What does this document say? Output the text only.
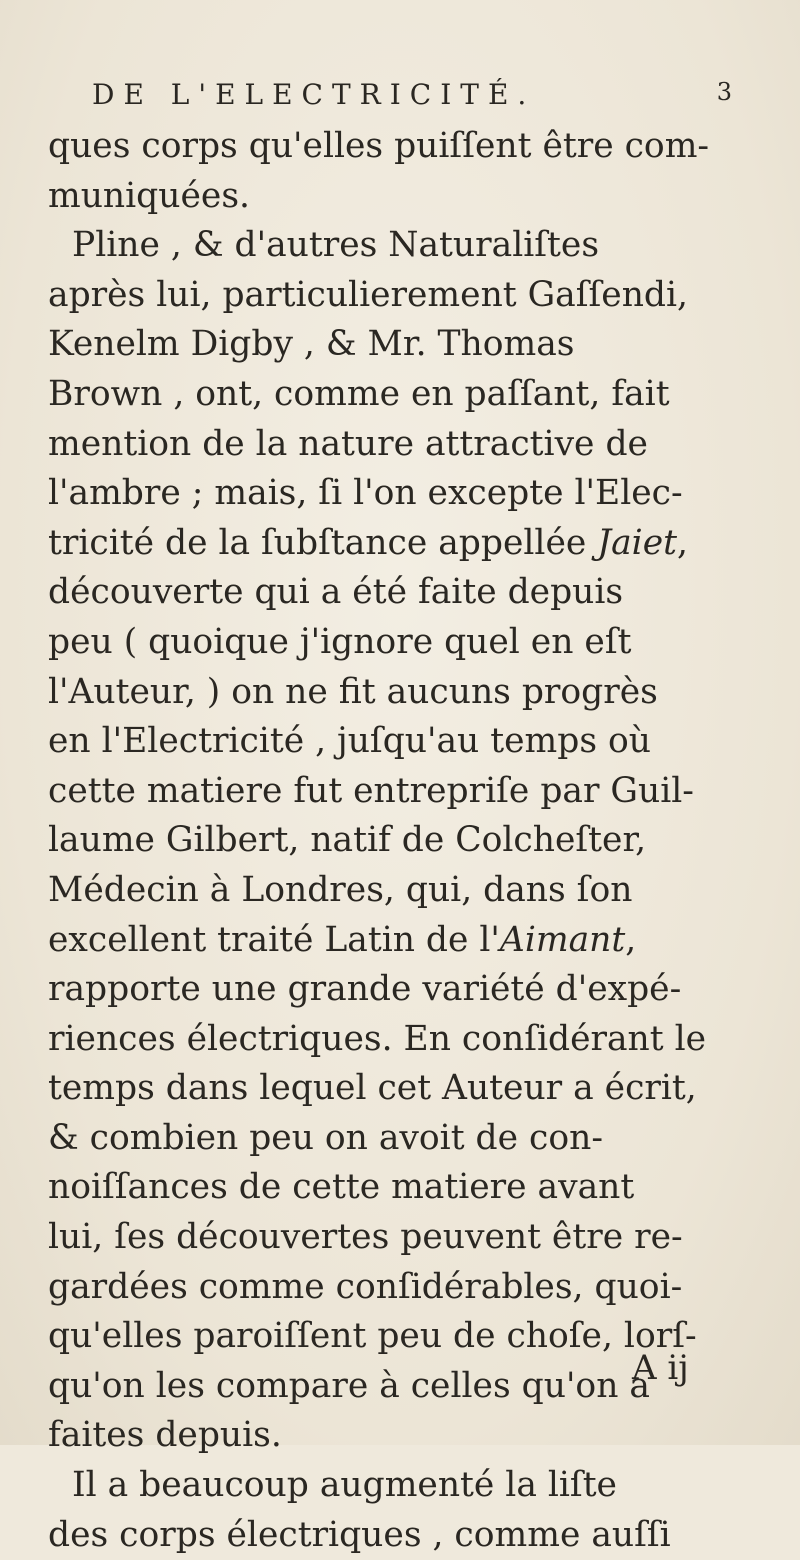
DE L'ELECTRICITÉ.	3
ques corps qu'elles puiſſent être com-
muniquées.
Pline , & d'autres Naturaliſtes
après lui, particulierement Gaſſendi,
Kenelm Digby , & Mr. Thomas
Brown , ont, comme en paſſant, fait
mention de la nature attractive de
l'ambre ; mais, ſi l'on excepte l'Elec-
tricité de la ſubſtance appellée Jaiet,
découverte qui a été faite depuis
peu ( quoique j'ignore quel en eſt
l'Auteur, ) on ne fit aucuns progrès
en l'Electricité , juſqu'au temps où
cette matiere fut entrepriſe par Guil-
laume Gilbert, natif de Colcheſter,
Médecin à Londres, qui, dans ſon
excellent traité Latin de l'Aimant,
rapporte une grande variété d'expé-
riences électriques. En conſidérant le
temps dans lequel cet Auteur a écrit,
& combien peu on avoit de con-
noiſſances de cette matiere avant
lui, ſes découvertes peuvent être re-
gardées comme conſidérables, quoi-
qu'elles paroiſſent peu de choſe, lorſ-
qu'on les compare à celles qu'on a
faites depuis.
Il a beaucoup augmenté la liſte
des corps électriques , comme auſſi
A ij
